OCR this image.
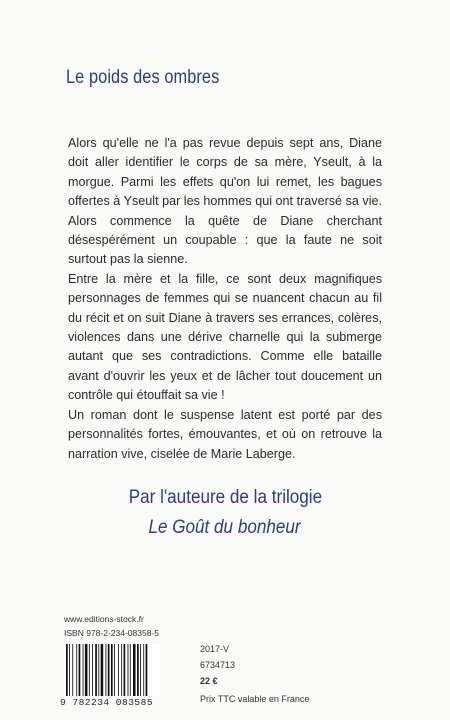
Le poids des ombres

Alors qu'elle ne l'a pas revue depuis sept ans, Diane doit aller identifier le corps de sa mère, Yseult, à la morgue. Parmi les effets qu'on lui remet, les bagues offertes à Yseult par les hommes qui ont traversé sa vie. Alors commence la quête de Diane cherchant désespérément un coupable : que la faute ne soit surtout pas la sienne.

Entre la mère et la fille, ce sont deux magnifiques personnages de femmes qui se nuancent chacun au fil du récit et on suit Diane à travers ses errances, colères, violences dans une dérive charnelle qui la submerge autant que ses contradictions. Comme elle bataille avant d'ouvrir les yeux et de lâcher tout doucement un contrôle qui étouffait sa vie !

Un roman dont le suspense latent est porté par des personnalités fortes, émouvantes, et où on retrouve la narration vive, ciselée de Marie Laberge.

Par l'auteure de la trilogie
Le Goût du bonheur
www.editions-stock.fr
ISBN 978-2-234-08358-5
9 782234 083585
2017-V
6734713
22 €
Prix TTC valable en France
